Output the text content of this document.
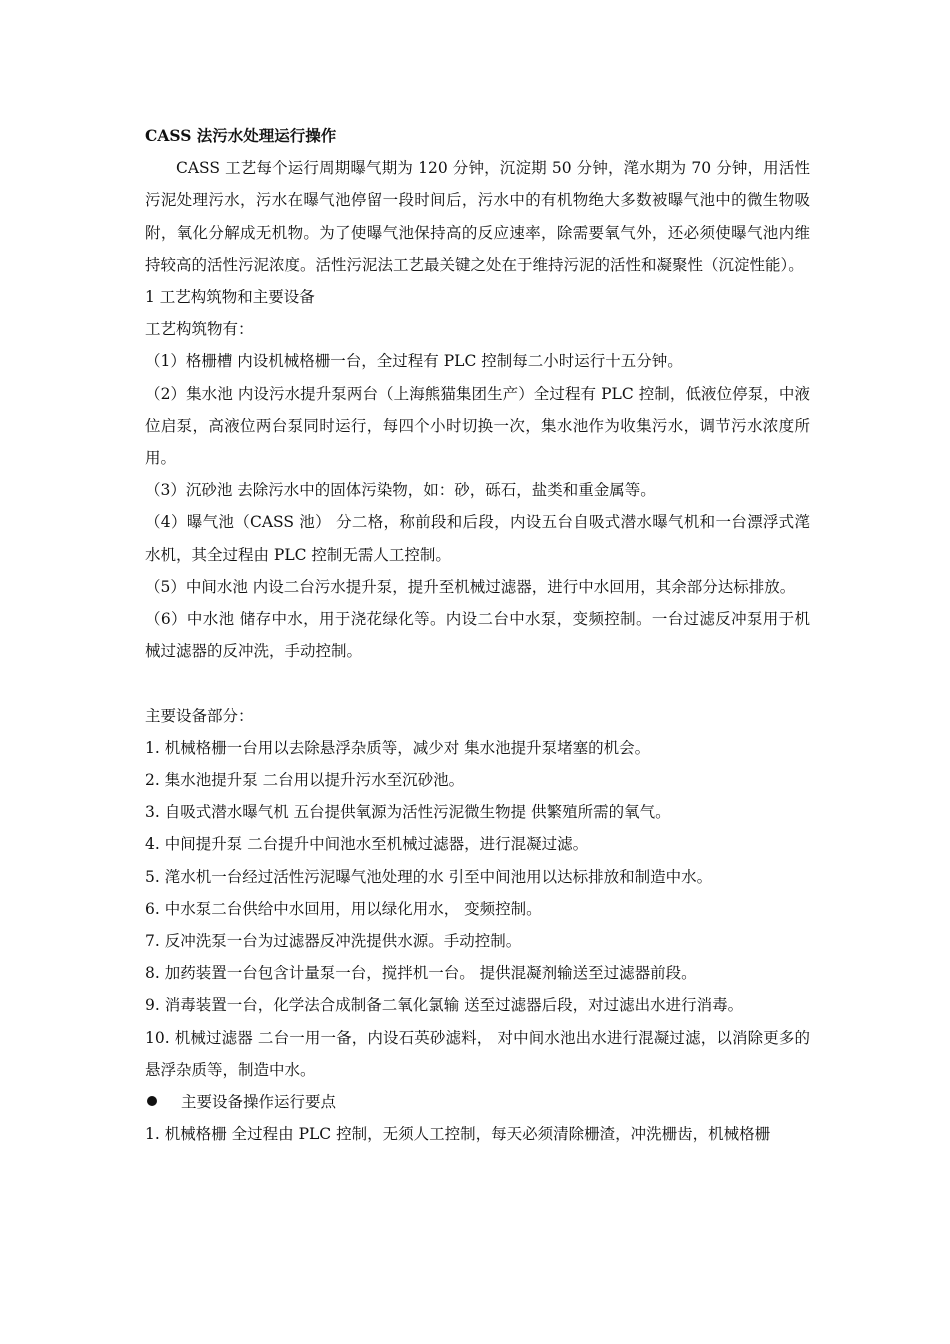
CASS 法污水处理运行操作

CASS 工艺每个运行周期曝气期为 120 分钟，沉淀期 50 分钟，滗水期为 70 分钟，用活性污泥处理污水，污水在曝气池停留一段时间后，污水中的有机物绝大多数被曝气池中的微生物吸附，氧化分解成无机物。为了使曝气池保持高的反应速率，除需要氧气外，还必须使曝气池内维持较高的活性污泥浓度。活性污泥法工艺最关键之处在于维持污泥的活性和凝聚性（沉淀性能）。

1 工艺构筑物和主要设备
工艺构筑物有：

（1）格栅槽 内设机械格栅一台，全过程有 PLC 控制每二小时运行十五分钟。

（2）集水池 内设污水提升泵两台（上海熊猫集团生产）全过程有 PLC 控制，低液位停泵，中液位启泵，高液位两台泵同时运行，每四个小时切换一次，集水池作为收集污水，调节污水浓度所用。

（3）沉砂池 去除污水中的固体污染物，如：砂，砾石，盐类和重金属等。

（4）曝气池（CASS 池） 分二格，称前段和后段，内设五台自吸式潜水曝气机和一台漂浮式滗水机，其全过程由 PLC 控制无需人工控制。

（5）中间水池 内设二台污水提升泵，提升至机械过滤器，进行中水回用，其余部分达标排放。

（6）中水池 储存中水，用于浇花绿化等。内设二台中水泵，变频控制。一台过滤反冲泵用于机械过滤器的反冲洗，手动控制。

主要设备部分：

1. 机械格栅一台用以去除悬浮杂质等，减少对 集水池提升泵堵塞的机会。

2. 集水池提升泵 二台用以提升污水至沉砂池。

3. 自吸式潜水曝气机 五台提供氧源为活性污泥微生物提 供繁殖所需的氧气。

4. 中间提升泵 二台提升中间池水至机械过滤器，进行混凝过滤。

5. 滗水机一台经过活性污泥曝气池处理的水 引至中间池用以达标排放和制造中水。

6. 中水泵二台供给中水回用，用以绿化用水， 变频控制。

7. 反冲洗泵一台为过滤器反冲洗提供水源。手动控制。

8. 加药装置一台包含计量泵一台，搅拌机一台。 提供混凝剂输送至过滤器前段。

9. 消毒装置一台，化学法合成制备二氧化氯输 送至过滤器后段，对过滤出水进行消毒。

10. 机械过滤器 二台一用一备，内设石英砂滤料， 对中间水池出水进行混凝过滤，以消除更多的悬浮杂质等，制造中水。

主要设备操作运行要点
1. 机械格栅 全过程由 PLC 控制，无须人工控制，每天必须清除栅渣，冲洗栅齿，机械格栅
